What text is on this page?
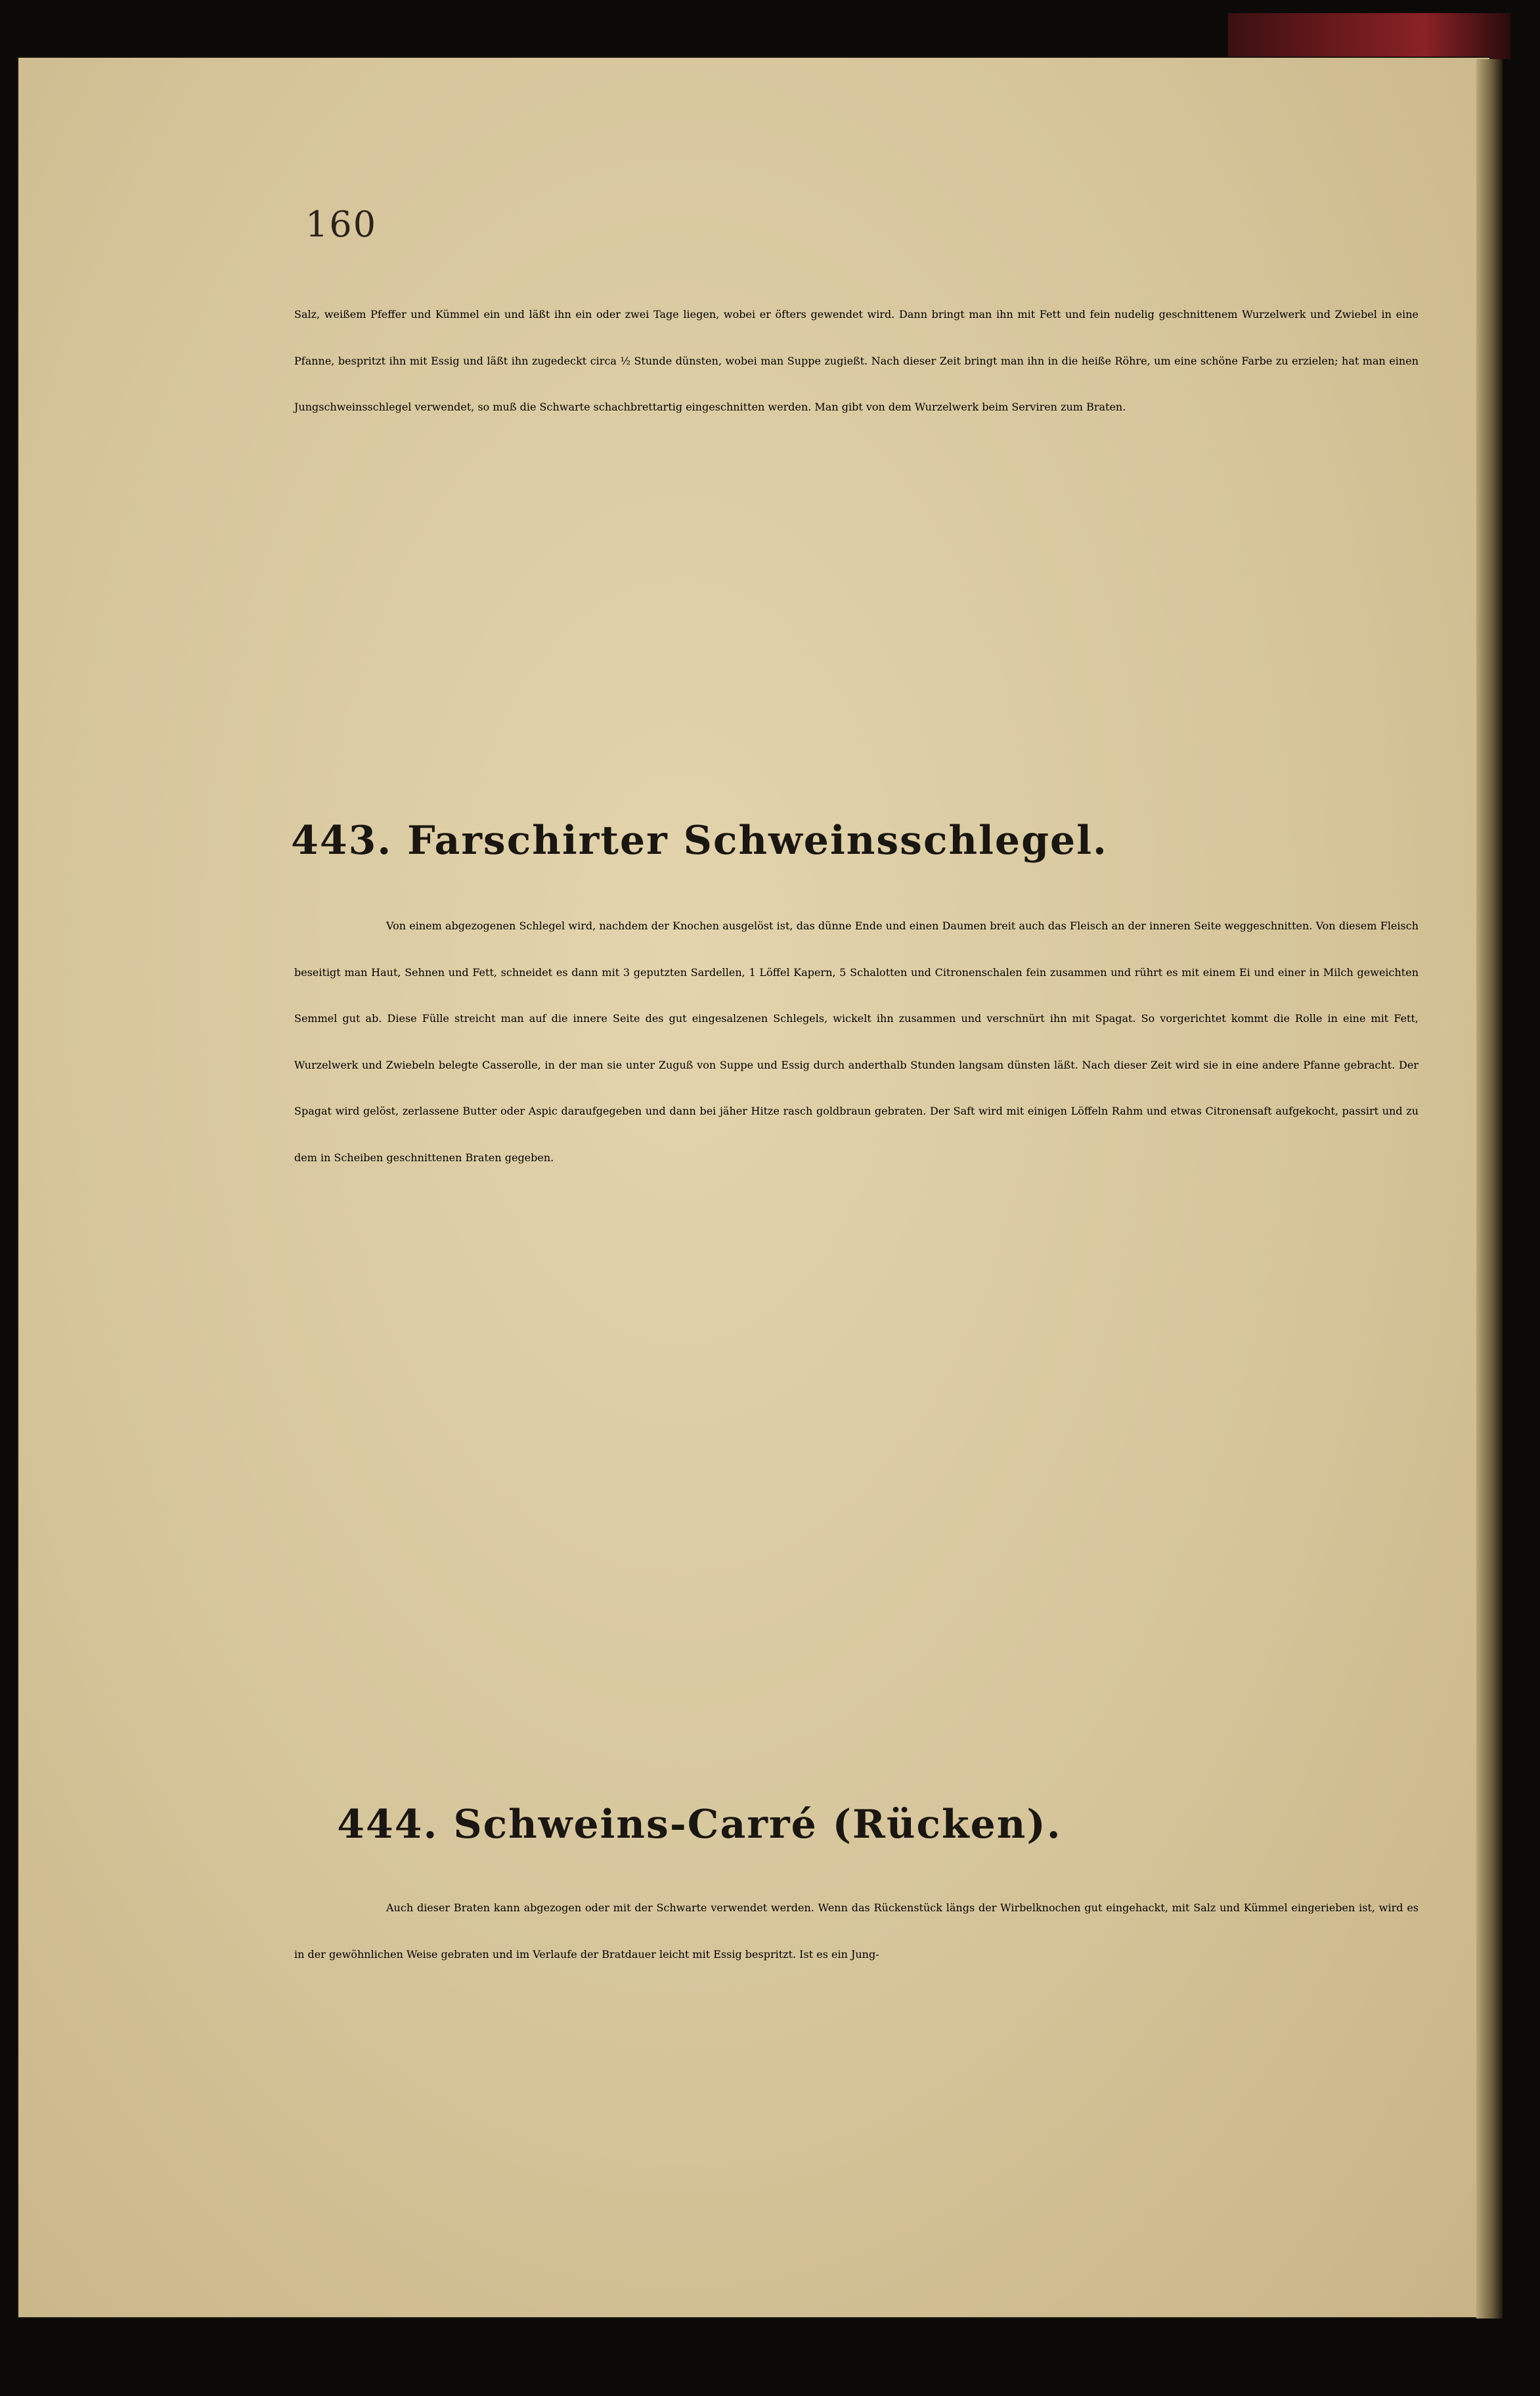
160

Salz, weißem Pfeffer und Kümmel ein und läßt ihn ein oder zwei Tage liegen, wobei er öfters gewendet wird. Dann bringt man ihn mit Fett und fein nudelig geschnittenem Wurzelwerk und Zwiebel in eine Pfanne, bespritzt ihn mit Essig und läßt ihn zugedeckt circa ½ Stunde dünsten, wobei man Suppe zugießt. Nach dieser Zeit bringt man ihn in die heiße Röhre, um eine schöne Farbe zu erzielen; hat man einen Jungschweinsschlegel verwendet, so muß die Schwarte schachbrettartig eingeschnitten werden. Man gibt von dem Wurzelwerk beim Serviren zum Braten.

443. Farschirter Schweinsschlegel.

Von einem abgezogenen Schlegel wird, nachdem der Knochen ausgelöst ist, das dünne Ende und einen Daumen breit auch das Fleisch an der inneren Seite weggeschnitten. Von diesem Fleisch beseitigt man Haut, Sehnen und Fett, schneidet es dann mit 3 geputzten Sardellen, 1 Löffel Kapern, 5 Schalotten und Citronenschalen fein zusammen und rührt es mit einem Ei und einer in Milch geweichten Semmel gut ab. Diese Fülle streicht man auf die innere Seite des gut eingesalzenen Schlegels, wickelt ihn zusammen und verschnürt ihn mit Spagat. So vorgerichtet kommt die Rolle in eine mit Fett, Wurzelwerk und Zwiebeln belegte Casserolle, in der man sie unter Zuguß von Suppe und Essig durch anderthalb Stunden langsam dünsten läßt. Nach dieser Zeit wird sie in eine andere Pfanne gebracht. Der Spagat wird gelöst, zerlassene Butter oder Aspic daraufgegeben und dann bei jäher Hitze rasch goldbraun gebraten. Der Saft wird mit einigen Löffeln Rahm und etwas Citronensaft aufgekocht, passirt und zu dem in Scheiben geschnittenen Braten gegeben.

444. Schweins-Carré (Rücken).

Auch dieser Braten kann abgezogen oder mit der Schwarte verwendet werden. Wenn das Rückenstück längs der Wirbelknochen gut eingehackt, mit Salz und Kümmel eingerieben ist, wird es in der gewöhnlichen Weise gebraten und im Verlaufe der Bratdauer leicht mit Essig bespritzt. Ist es ein Jung-
